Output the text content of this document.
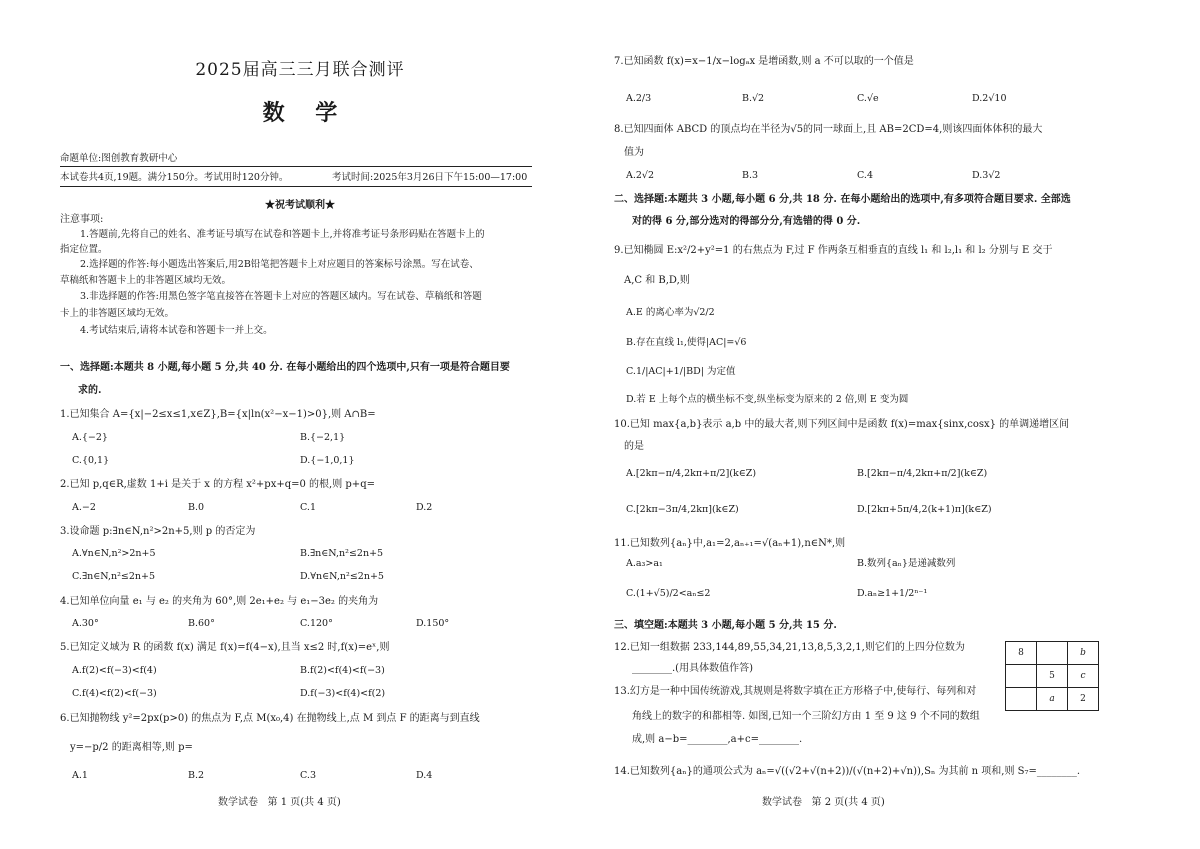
2025届高三三月联合测评
数    学
命题单位:图创教育教研中心
本试卷共4页,19题。满分150分。考试用时120分钟。	考试时间:2025年3月26日下午15:00—17:00
★祝考试顺利★
注意事项:
1.答题前,先将自己的姓名、准考证号填写在试卷和答题卡上,并将准考证号条形码贴在答题卡上的
指定位置。
2.选择题的作答:每小题选出答案后,用2B铅笔把答题卡上对应题目的答案标号涂黑。写在试卷、
草稿纸和答题卡上的非答题区域均无效。
3.非选择题的作答:用黑色签字笔直接答在答题卡上对应的答题区域内。写在试卷、草稿纸和答题
卡上的非答题区域均无效。
4.考试结束后,请将本试卷和答题卡一并上交。
一、选择题:本题共 8 小题,每小题 5 分,共 40 分. 在每小题给出的四个选项中,只有一项是符合题目要
求的.
1.已知集合 A={x|−2≤x≤1,x∈Z},B={x|ln(x²−x−1)>0},则 A∩B=
A.{−2}	B.{−2,1}
C.{0,1}	D.{−1,0,1}
2.已知 p,q∈R,虚数 1+i 是关于 x 的方程 x²+px+q=0 的根,则 p+q=
A.−2	B.0	C.1	D.2
3.设命题 p:∃n∈N,n²>2n+5,则 p 的否定为
A.∀n∈N,n²>2n+5	B.∃n∈N,n²≤2n+5
C.∃n∈N,n²≤2n+5	D.∀n∈N,n²≤2n+5
4.已知单位向量 e₁ 与 e₂ 的夹角为 60°,则 2e₁+e₂ 与 e₁−3e₂ 的夹角为
A.30°	B.60°	C.120°	D.150°
5.已知定义域为 R 的函数 f(x) 满足 f(x)=f(4−x),且当 x≤2 时,f(x)=eˣ,则
A.f(2)<f(−3)<f(4)	B.f(2)<f(4)<f(−3)
C.f(4)<f(2)<f(−3)	D.f(−3)<f(4)<f(2)
6.已知抛物线 y²=2px(p>0) 的焦点为 F,点 M(x₀,4) 在抛物线上,点 M 到点 F 的距离与到直线
y=−p/2 的距离相等,则 p=
A.1	B.2	C.3	D.4
数学试卷   第 1 页(共 4 页)
7.已知函数 f(x)=x−1/x−logₐx 是增函数,则 a 不可以取的一个值是
A.2/3	B.√2	C.√e	D.2√10
8.已知四面体 ABCD 的顶点均在半径为√5的同一球面上,且 AB=2CD=4,则该四面体体积的最大
值为
A.2√2	B.3	C.4	D.3√2
二、选择题:本题共 3 小题,每小题 6 分,共 18 分. 在每小题给出的选项中,有多项符合题目要求. 全部选
对的得 6 分,部分选对的得部分分,有选错的得 0 分.
9.已知椭圆 E:x²/2+y²=1 的右焦点为 F,过 F 作两条互相垂直的直线 l₁ 和 l₂,l₁ 和 l₂ 分别与 E 交于
A,C 和 B,D,则
A.E 的离心率为√2/2
B.存在直线 l₁,使得|AC|=√6
C.1/|AC|+1/|BD| 为定值
D.若 E 上每个点的横坐标不变,纵坐标变为原来的 2 倍,则 E 变为圆
10.已知 max{a,b}表示 a,b 中的最大者,则下列区间中是函数 f(x)=max{sinx,cosx} 的单调递增区间
的是
A.[2kπ−π/4,2kπ+π/2](k∈Z)	B.[2kπ−π/4,2kπ+π/2](k∈Z)
C.[2kπ−3π/4,2kπ](k∈Z)	D.[2kπ+5π/4,2(k+1)π](k∈Z)
11.已知数列{aₙ}中,a₁=2,aₙ₊₁=√(aₙ+1),n∈N*,则
A.a₃>a₁	B.数列{aₙ}是递减数列
C.(1+√5)/2<aₙ≤2	D.aₙ≥1+1/2ⁿ⁻¹
三、填空题:本题共 3 小题,每小题 5 分,共 15 分.
12.已知一组数据 233,144,89,55,34,21,13,8,5,3,2,1,则它们的上四分位数为
________.(用具体数值作答)
13.幻方是一种中国传统游戏,其规则是将数字填在正方形格子中,使每行、每列和对
角线上的数字的和都相等. 如图,已知一个三阶幻方由 1 至 9 这 9 个不同的数组
成,则 a−b=________,a+c=________.
8		b
	5	c
	a	2
14.已知数列{aₙ}的通项公式为 aₙ=√((√2+√(n+2))/(√(n+2)+√n)),Sₙ 为其前 n 项和,则 S₇=________.
数学试卷   第 2 页(共 4 页)
